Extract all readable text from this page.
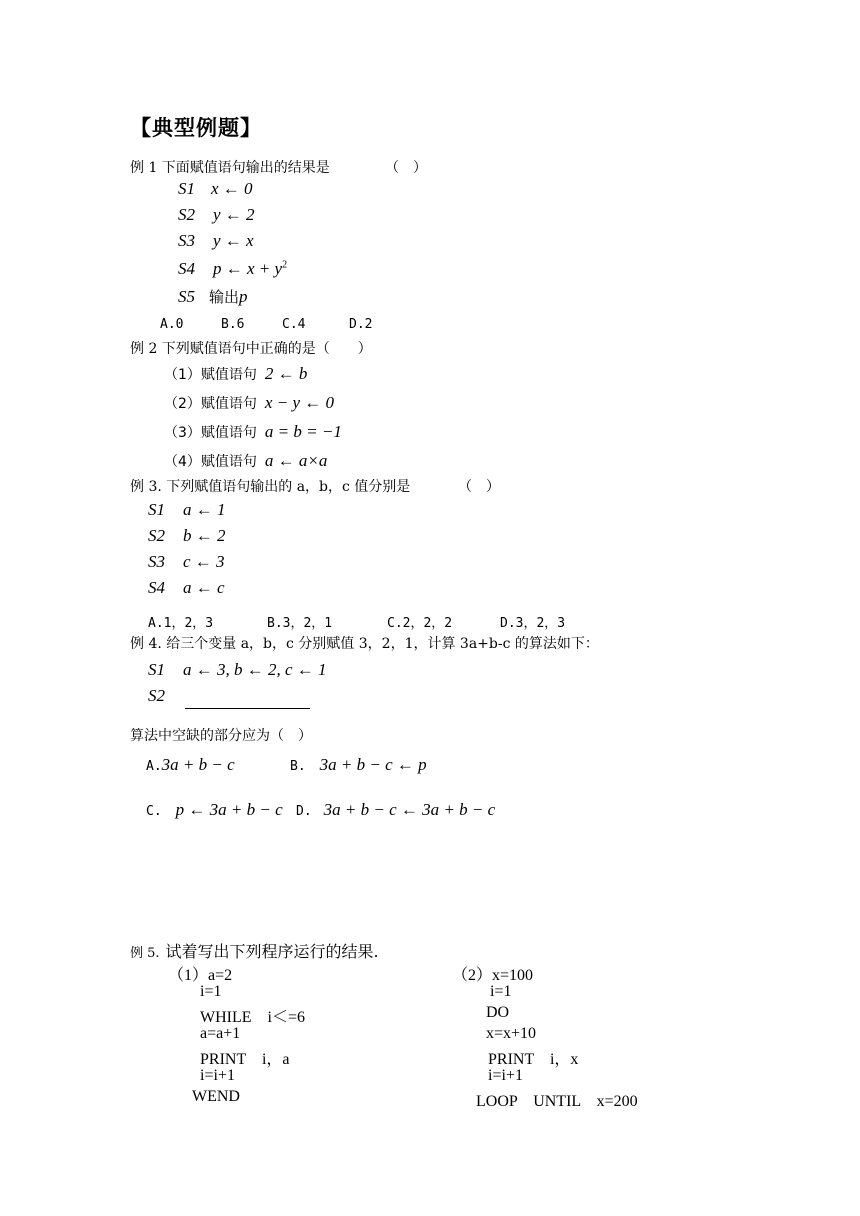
【典型例题】
例 1 下面赋值语句输出的结果是	（　）
S1 x ← 0
S2 y ← 2
S3 y ← x
S4 p ← $x + y^2$
S5 输出p
A.0	B.6	C.4	D.2
例 2 下列赋值语句中正确的是（　　）
（1）赋值语句 2 ← b
（2）赋值语句 x − y ← 0
（3）赋值语句 a = b = −1
（4）赋值语句 a ← a×a
例 3. 下列赋值语句输出的 a，b，c 值分别是	（　）
S1 a ← 1
S2 b ← 2
S3 c ← 3
S4 a ← c
A.1，2，3	B.3，2，1	C.2，2，2	D.3，2，3
例 4. 给三个变量 a，b，c 分别赋值 3，2，1，计算 3a+b-c 的算法如下：
S1 a ← 3, b ← 2, c ← 1
S2
算法中空缺的部分应为（　）
A.3a + b − c	B. 3a + b − c ← p
C. p ← 3a + b − c D. 3a + b − c ← 3a + b − c
例 5. 试着写出下列程序运行的结果.
（1）a=2
i=1
WHILE　i＜=6
a=a+1
PRINT　i，a
i=i+1
WEND
（2）x=100
i=1
DO
x=x+10
PRINT　i，x
i=i+1
LOOP　UNTIL　x=200
